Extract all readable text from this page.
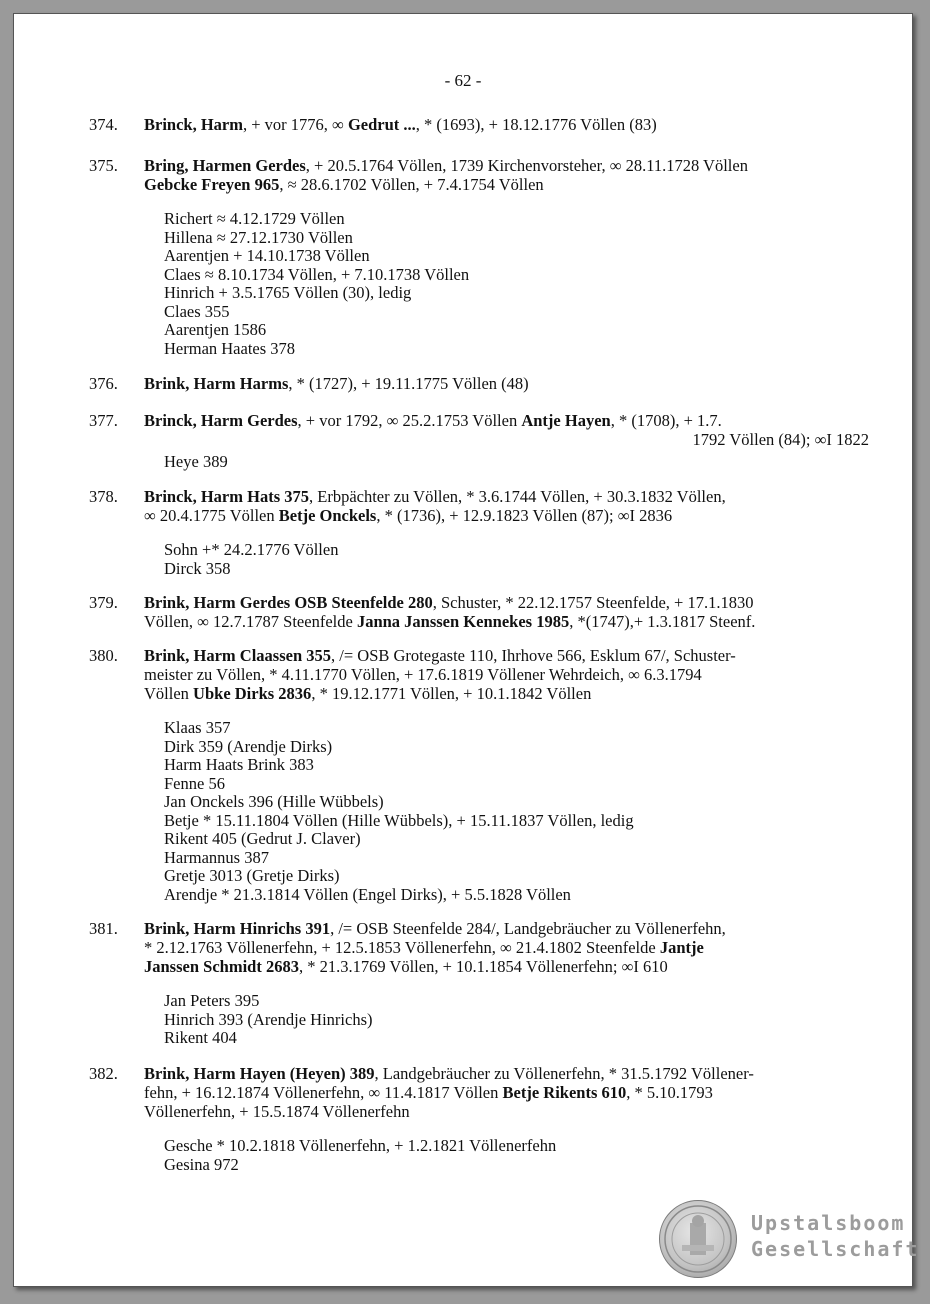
- 62 -
374.	Brinck, Harm, + vor 1776, ∞ Gedrut ..., * (1693), + 18.12.1776 Völlen (83)
375.	Bring, Harmen Gerdes, + 20.5.1764 Völlen, 1739 Kirchenvorsteher, ∞ 28.11.1728 Völlen
Gebcke Freyen 965, ≈ 28.6.1702 Völlen, + 7.4.1754 Völlen
Richert ≈ 4.12.1729 Völlen
Hillena ≈ 27.12.1730 Völlen
Aarentjen + 14.10.1738 Völlen
Claes ≈ 8.10.1734 Völlen, + 7.10.1738 Völlen
Hinrich + 3.5.1765 Völlen (30), ledig
Claes 355
Aarentjen 1586
Herman Haates 378
376.	Brink, Harm Harms, * (1727), + 19.11.1775 Völlen (48)
377.	Brinck, Harm Gerdes, + vor 1792, ∞ 25.2.1753 Völlen Antje Hayen, * (1708), + 1.7.
1792 Völlen (84); ∞I 1822
Heye 389
378.	Brinck, Harm Hats 375, Erbpächter zu Völlen, * 3.6.1744 Völlen, + 30.3.1832 Völlen,
∞ 20.4.1775 Völlen Betje Onckels, * (1736), + 12.9.1823 Völlen (87); ∞I 2836
Sohn +* 24.2.1776 Völlen
Dirck 358
379.	Brink, Harm Gerdes OSB Steenfelde 280, Schuster, * 22.12.1757 Steenfelde, + 17.1.1830
Völlen, ∞ 12.7.1787 Steenfelde Janna Janssen Kennekes 1985, *(1747),+ 1.3.1817 Steenf.
380.	Brink, Harm Claassen 355, /= OSB Grotegaste 110, Ihrhove 566, Esklum 67/, Schuster-
meister zu Völlen, * 4.11.1770 Völlen, + 17.6.1819 Völlener Wehrdeich, ∞ 6.3.1794
Völlen Ubke Dirks 2836, * 19.12.1771 Völlen, + 10.1.1842 Völlen
Klaas 357
Dirk 359 (Arendje Dirks)
Harm Haats Brink 383
Fenne 56
Jan Onckels 396 (Hille Wübbels)
Betje * 15.11.1804 Völlen (Hille Wübbels), + 15.11.1837 Völlen, ledig
Rikent 405 (Gedrut J. Claver)
Harmannus 387
Gretje 3013 (Gretje Dirks)
Arendje * 21.3.1814 Völlen (Engel Dirks), + 5.5.1828 Völlen
381.	Brink, Harm Hinrichs 391, /= OSB Steenfelde 284/, Landgebräucher zu Völlenerfehn,
* 2.12.1763 Völlenerfehn, + 12.5.1853 Völlenerfehn, ∞ 21.4.1802 Steenfelde Jantje
Janssen Schmidt 2683, * 21.3.1769 Völlen, + 10.1.1854 Völlenerfehn; ∞I 610
Jan Peters 395
Hinrich 393 (Arendje Hinrichs)
Rikent 404
382.	Brink, Harm Hayen (Heyen) 389, Landgebräucher zu Völlenerfehn, * 31.5.1792 Völlener-
fehn, + 16.12.1874 Völlenerfehn, ∞ 11.4.1817 Völlen Betje Rikents 610, * 5.10.1793
Völlenerfehn, + 15.5.1874 Völlenerfehn
Gesche * 10.2.1818 Völlenerfehn, + 1.2.1821 Völlenerfehn
Gesina 972
Upstalsboom
Gesellschaft
